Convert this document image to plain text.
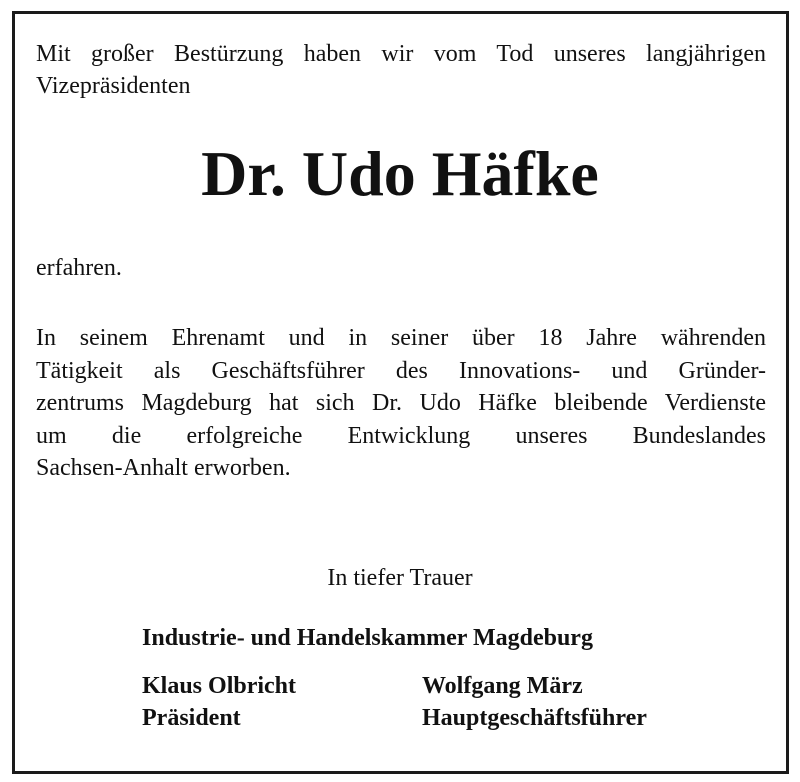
Mit großer Bestürzung haben wir vom Tod unseres langjährigen
Vizepräsidenten
Dr. Udo Häfke
erfahren.
In seinem Ehrenamt und in seiner über 18 Jahre währenden
Tätigkeit als Geschäftsführer des Innovations- und Gründer-
zentrums Magdeburg hat sich Dr. Udo Häfke bleibende Verdienste
um die erfolgreiche Entwicklung unseres Bundeslandes
Sachsen-Anhalt erworben.
In tiefer Trauer
Industrie- und Handelskammer Magdeburg
Klaus Olbricht
Präsident
Wolfgang März
Hauptgeschäftsführer
